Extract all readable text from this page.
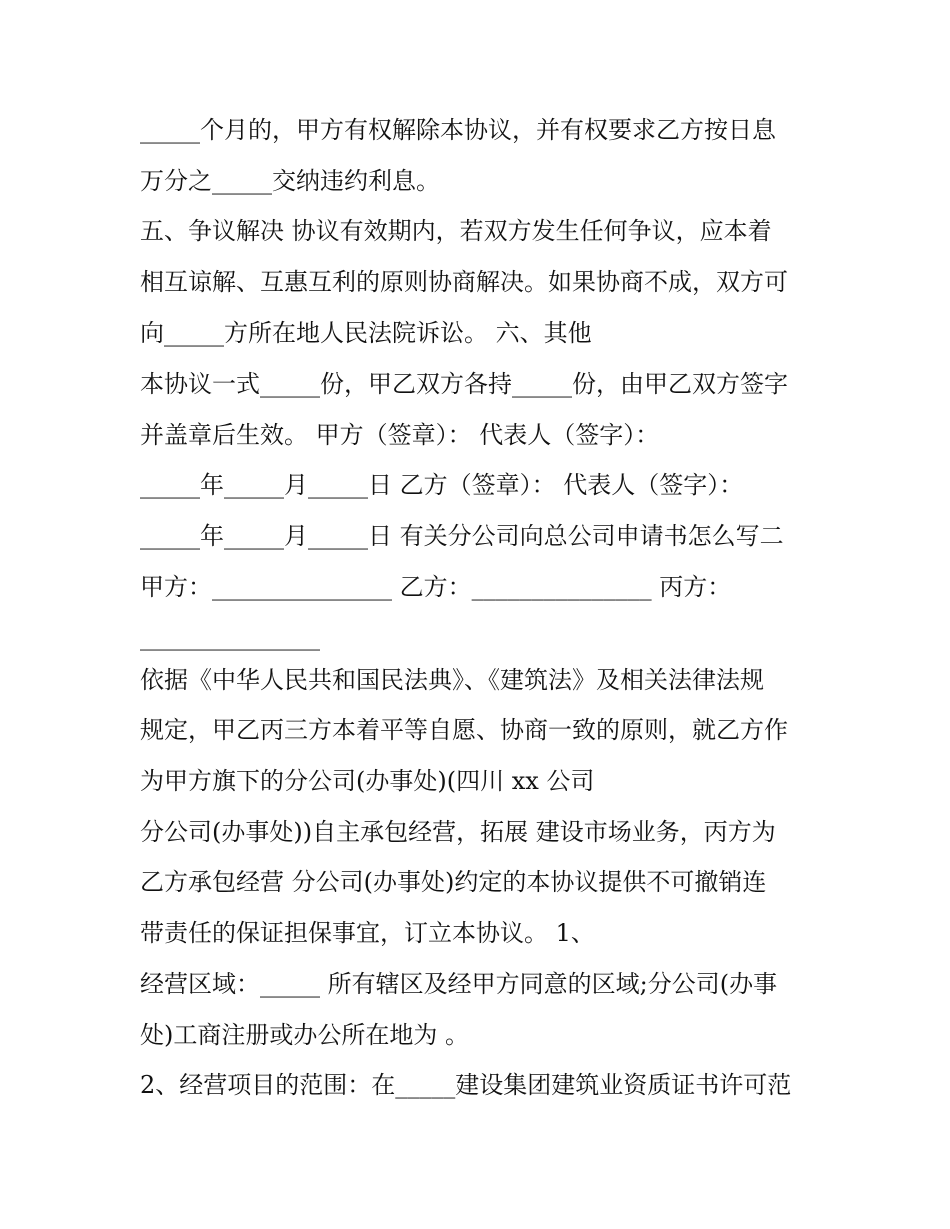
_____个月的，甲方有权解除本协议，并有权要求乙方按日息

万分之_____交纳违约利息。

五、争议解决 协议有效期内，若双方发生任何争议，应本着

相互谅解、互惠互利的原则协商解决。如果协商不成，双方可

向_____方所在地人民法院诉讼。 六、其他

本协议一式_____份，甲乙双方各持_____份，由甲乙双方签字

并盖章后生效。 甲方（签章）： 代表人（签字）：

_____年_____月_____日 乙方（签章）： 代表人（签字）：

_____年_____月_____日 有关分公司向总公司申请书怎么写二

甲方：_______________ 乙方：_______________ 丙方：

_______________

依据《中华人民共和国民法典》、《建筑法》及相关法律法规

规定，甲乙丙三方本着平等自愿、协商一致的原则，就乙方作

为甲方旗下的分公司(办事处)(四川 xx 公司

分公司(办事处))自主承包经营，拓展 建设市场业务，丙方为

乙方承包经营 分公司(办事处)约定的本协议提供不可撤销连

带责任的保证担保事宜，订立本协议。 1、

经营区域：_____ 所有辖区及经甲方同意的区域;分公司(办事

处)工商注册或办公所在地为 。

2、经营项目的范围：在_____建设集团建筑业资质证书许可范
